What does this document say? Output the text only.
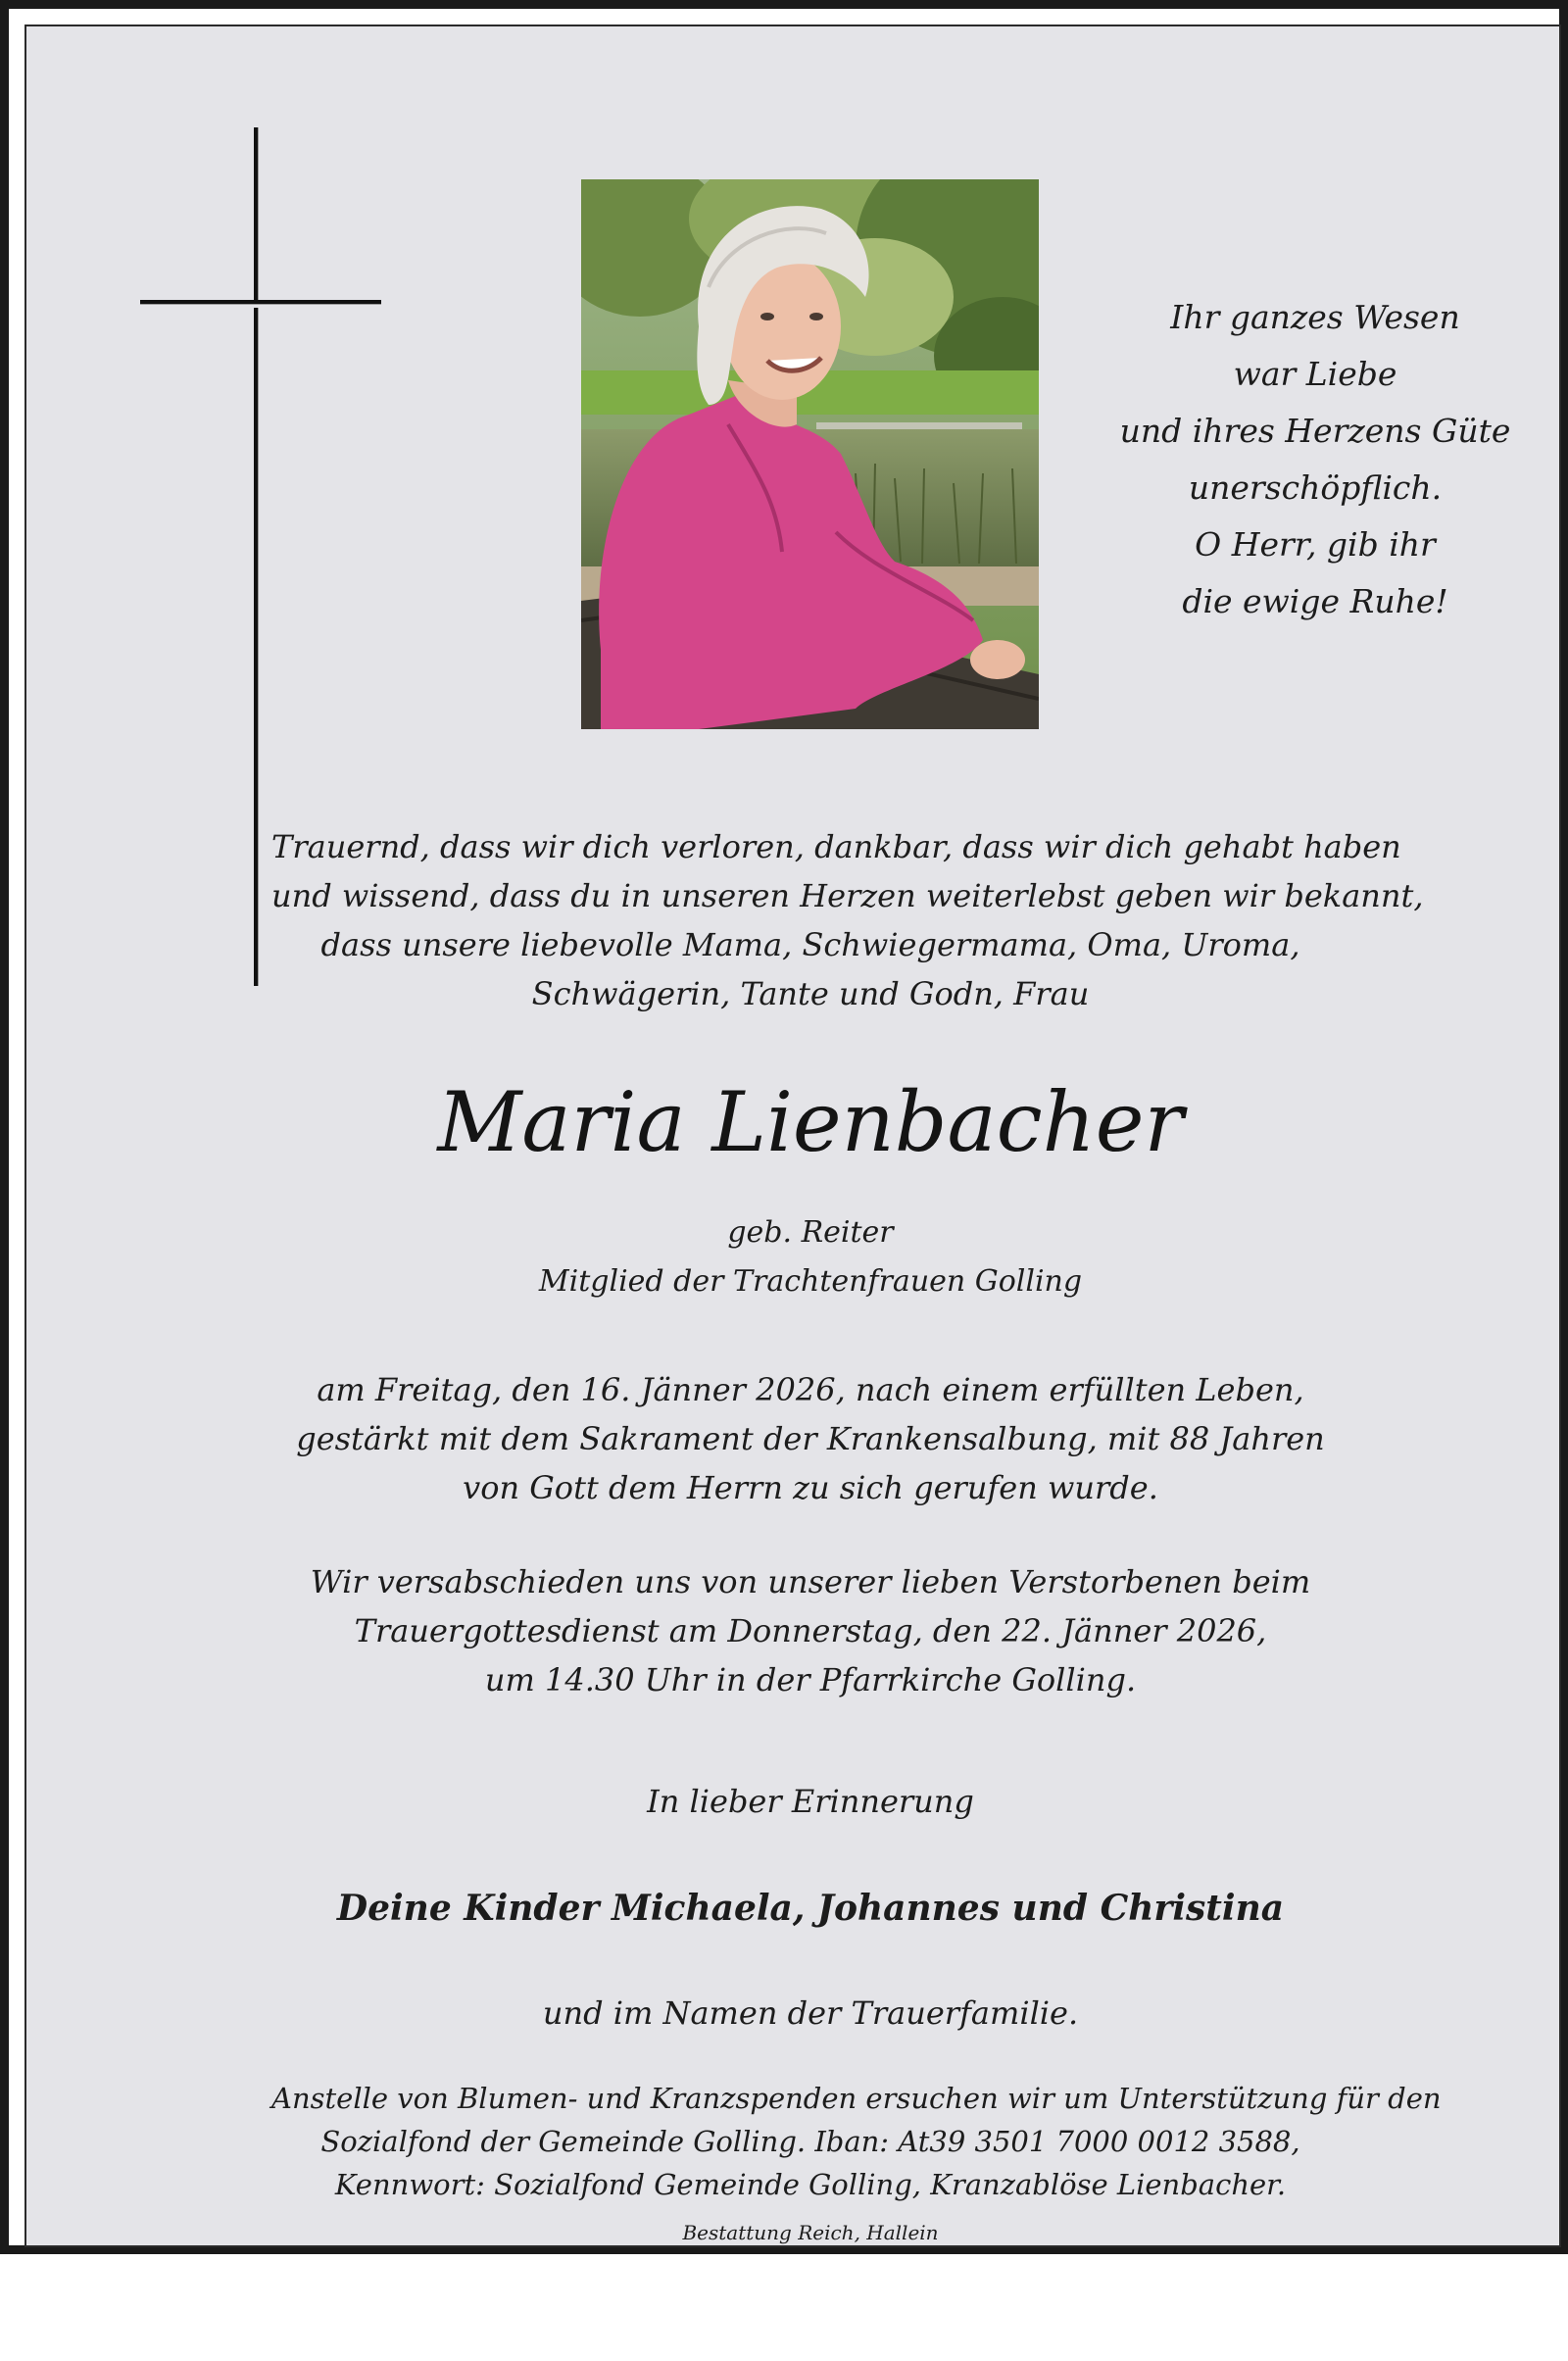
Ihr ganzes Wesen
war Liebe
und ihres Herzens Güte
unerschöpflich.
O Herr, gib ihr
die ewige Ruhe!
Trauernd, dass wir dich verloren, dankbar, dass wir dich gehabt haben
und wissend, dass du in unseren Herzen weiterlebst geben wir bekannt,
dass unsere liebevolle Mama, Schwiegermama, Oma, Uroma,
Schwägerin, Tante und Godn, Frau
Maria Lienbacher
geb. Reiter
Mitglied der Trachtenfrauen Golling
am Freitag, den 16. Jänner 2026, nach einem erfüllten Leben,
gestärkt mit dem Sakrament der Krankensalbung, mit 88 Jahren
von Gott dem Herrn zu sich gerufen wurde.
Wir versabschieden uns von unserer lieben Verstorbenen beim
Trauergottesdienst am Donnerstag, den 22. Jänner 2026,
um 14.30 Uhr in der Pfarrkirche Golling.
In lieber Erinnerung
Deine Kinder Michaela, Johannes und Christina
und im Namen der Trauerfamilie.
Anstelle von Blumen- und Kranzspenden ersuchen wir um Unterstützung für den
Sozialfond der Gemeinde Golling. Iban: At39 3501 7000 0012 3588,
Kennwort: Sozialfond Gemeinde Golling, Kranzablöse Lienbacher.
Bestattung Reich, Hallein
